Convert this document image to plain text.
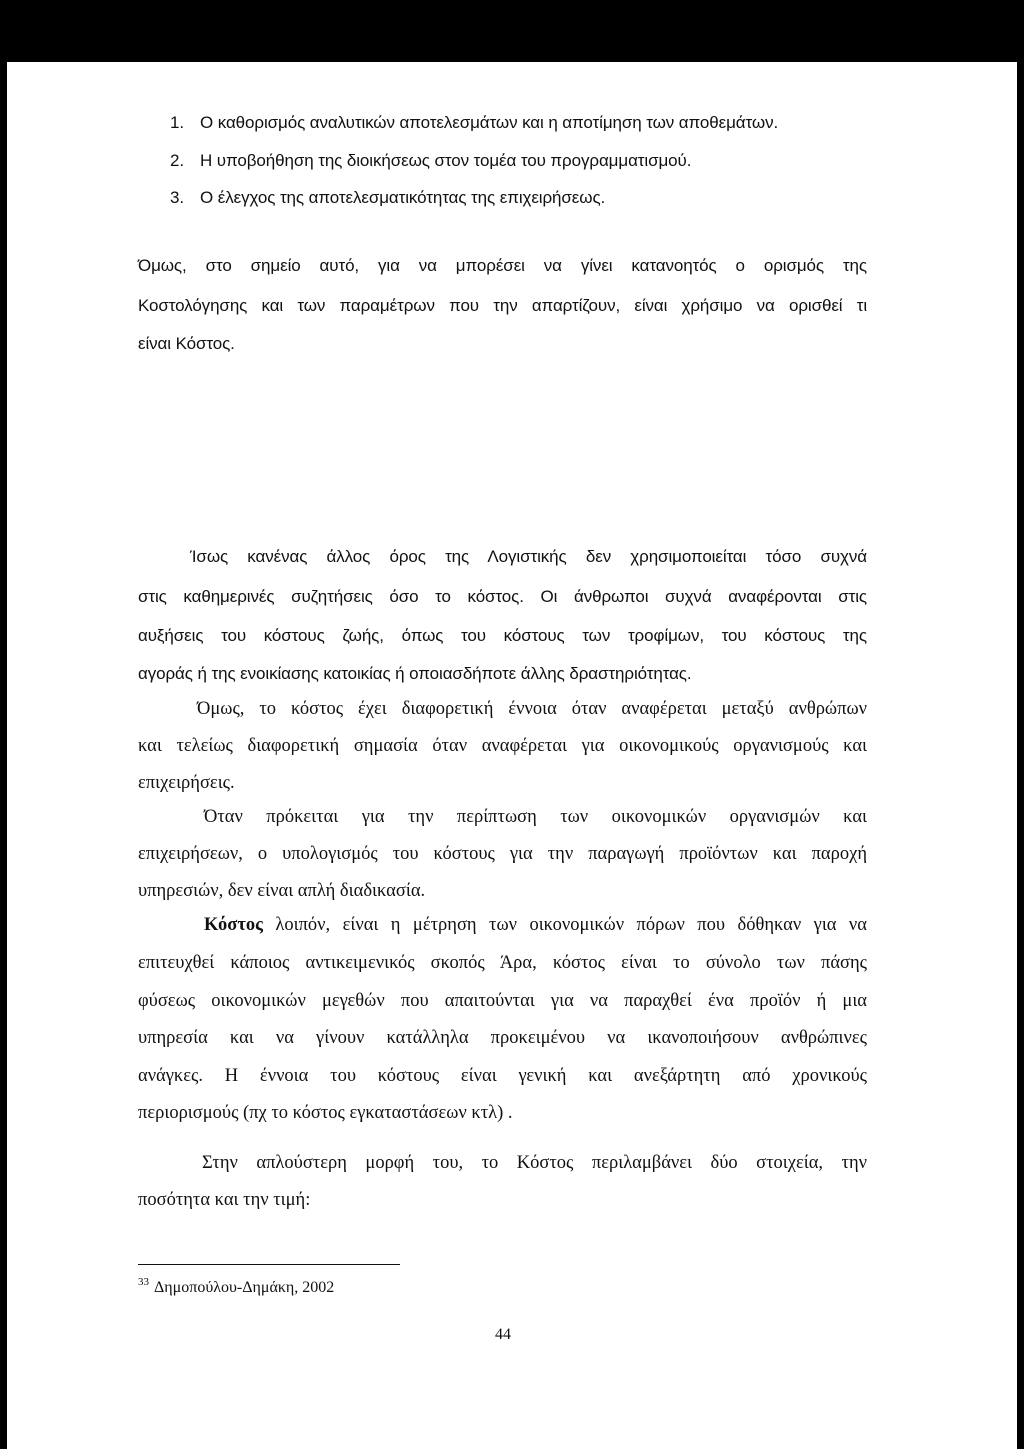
1. Ο καθορισμός αναλυτικών αποτελεσμάτων και η αποτίμηση των αποθεμάτων.
2. Η υποβοήθηση της διοικήσεως στον τομέα του προγραμματισμού.
3. Ο έλεγχος της αποτελεσματικότητας της επιχειρήσεως.
Όμως, στο σημείο αυτό, για να μπορέσει να γίνει κατανοητός ο ορισμός της
Κοστολόγησης και των παραμέτρων που την απαρτίζουν, είναι χρήσιμο να ορισθεί τι
είναι Κόστος.
Ίσως κανένας άλλος όρος της Λογιστικής δεν χρησιμοποιείται τόσο συχνά
στις καθημερινές συζητήσεις όσο το κόστος. Οι άνθρωποι συχνά αναφέρονται στις
αυξήσεις του κόστους ζωής, όπως του κόστους των τροφίμων, του κόστους της
αγοράς ή της ενοικίασης κατοικίας ή οποιασδήποτε άλλης δραστηριότητας.
Όμως, το κόστος έχει διαφορετική έννοια όταν αναφέρεται μεταξύ ανθρώπων
και τελείως διαφορετική σημασία όταν αναφέρεται για οικονομικούς οργανισμούς και
επιχειρήσεις.
Όταν πρόκειται για την περίπτωση των οικονομικών οργανισμών και
επιχειρήσεων, ο υπολογισμός του κόστους για την παραγωγή προϊόντων και παροχή
υπηρεσιών, δεν είναι απλή διαδικασία.
Κόστος λοιπόν, είναι η μέτρηση των οικονομικών πόρων που δόθηκαν για να
επιτευχθεί κάποιος αντικειμενικός σκοπός Άρα, κόστος είναι το σύνολο των πάσης
φύσεως οικονομικών μεγεθών που απαιτούνται για να παραχθεί ένα προϊόν ή μια
υπηρεσία και να γίνουν κατάλληλα προκειμένου να ικανοποιήσουν ανθρώπινες
ανάγκες. Η έννοια του κόστους είναι γενική και ανεξάρτητη από χρονικούς
περιορισμούς (πχ το κόστος εγκαταστάσεων κτλ) .
Στην απλούστερη μορφή του, το Κόστος περιλαμβάνει δύο στοιχεία, την
ποσότητα και την τιμή:
$^{33}$ Δημοπούλου-Δημάκη, 2002
44
